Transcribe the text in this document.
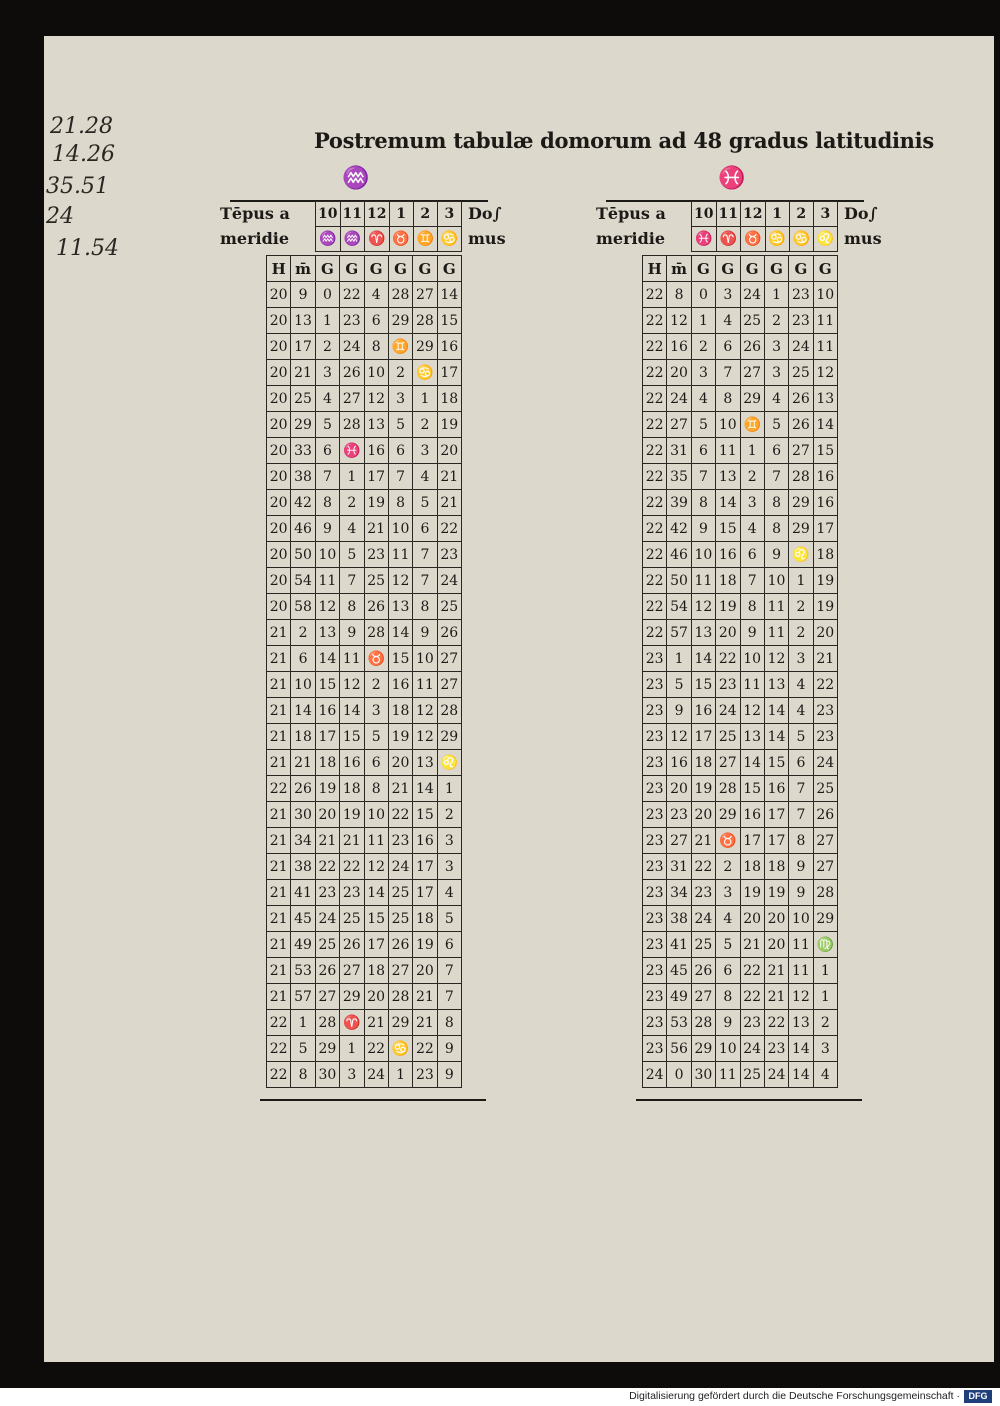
21.28
14.26
35.51
24
11.54
Postremum tabulæ domorum ad 48 gradus latitudinis
♒
Tēpus a
meridie
Do∫
mus
10	11	12	1	2	3
♒	♒	♈	♉	♊	♋
H	m̄	G	G	G	G	G	G
20	9	0	22	4	28	27	14
20	13	1	23	6	29	28	15
20	17	2	24	8	♊	29	16
20	21	3	26	10	2	♋	17
20	25	4	27	12	3	1	18
20	29	5	28	13	5	2	19
20	33	6	♓	16	6	3	20
20	38	7	1	17	7	4	21
20	42	8	2	19	8	5	21
20	46	9	4	21	10	6	22
20	50	10	5	23	11	7	23
20	54	11	7	25	12	7	24
20	58	12	8	26	13	8	25
21	2	13	9	28	14	9	26
21	6	14	11	♉	15	10	27
21	10	15	12	2	16	11	27
21	14	16	14	3	18	12	28
21	18	17	15	5	19	12	29
21	21	18	16	6	20	13	♌
22	26	19	18	8	21	14	1
21	30	20	19	10	22	15	2
21	34	21	21	11	23	16	3
21	38	22	22	12	24	17	3
21	41	23	23	14	25	17	4
21	45	24	25	15	25	18	5
21	49	25	26	17	26	19	6
21	53	26	27	18	27	20	7
21	57	27	29	20	28	21	7
22	1	28	♈	21	29	21	8
22	5	29	1	22	♋	22	9
22	8	30	3	24	1	23	9
♓
Tēpus a
meridie
Do∫
mus
10	11	12	1	2	3
♓	♈	♉	♋	♋	♌
H	m̄	G	G	G	G	G	G
22	8	0	3	24	1	23	10
22	12	1	4	25	2	23	11
22	16	2	6	26	3	24	11
22	20	3	7	27	3	25	12
22	24	4	8	29	4	26	13
22	27	5	10	♊	5	26	14
22	31	6	11	1	6	27	15
22	35	7	13	2	7	28	16
22	39	8	14	3	8	29	16
22	42	9	15	4	8	29	17
22	46	10	16	6	9	♌	18
22	50	11	18	7	10	1	19
22	54	12	19	8	11	2	19
22	57	13	20	9	11	2	20
23	1	14	22	10	12	3	21
23	5	15	23	11	13	4	22
23	9	16	24	12	14	4	23
23	12	17	25	13	14	5	23
23	16	18	27	14	15	6	24
23	20	19	28	15	16	7	25
23	23	20	29	16	17	7	26
23	27	21	♉	17	17	8	27
23	31	22	2	18	18	9	27
23	34	23	3	19	19	9	28
23	38	24	4	20	20	10	29
23	41	25	5	21	20	11	♍
23	45	26	6	22	21	11	1
23	49	27	8	22	21	12	1
23	53	28	9	23	22	13	2
23	56	29	10	24	23	14	3
24	0	30	11	25	24	14	4
Digitalisierung gefördert durch die Deutsche Forschungsgemeinschaft · DFG
